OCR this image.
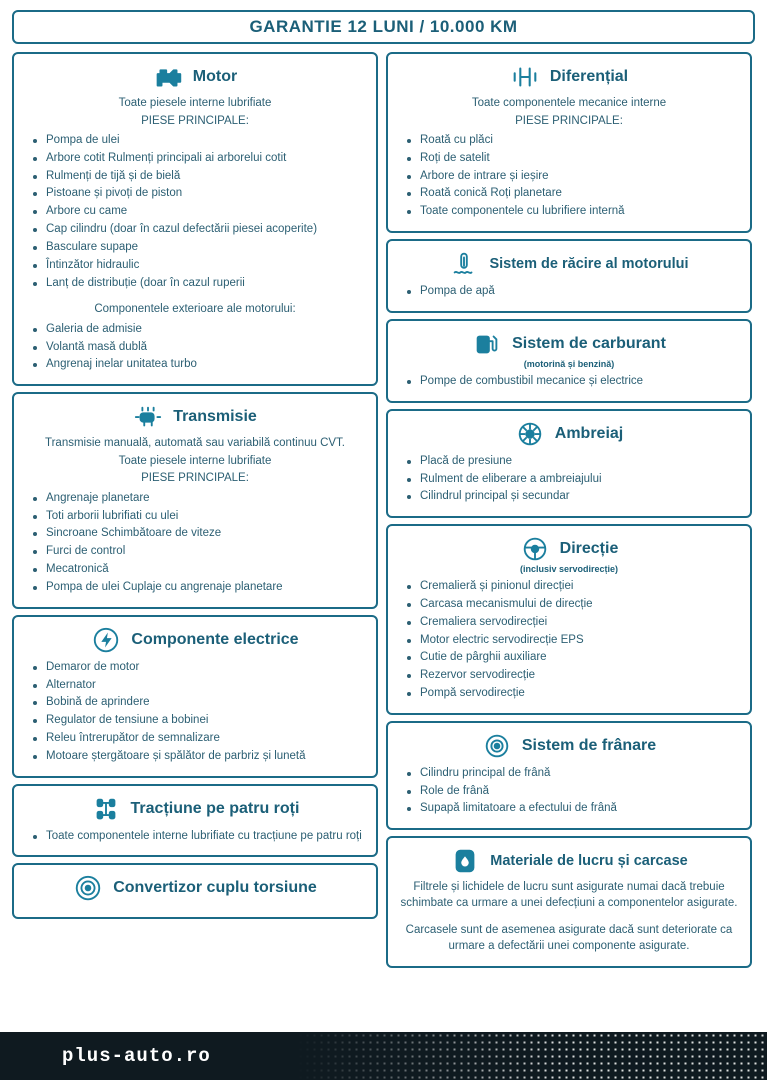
GARANTIE 12 LUNI / 10.000 KM
Motor
Toate piesele interne lubrifiate
PIESE PRINCIPALE:
Pompa de ulei
Arbore cotit Rulmenți principali ai arborelui cotit
Rulmenți de tijă și de bielă
Pistoane și pivoți de piston
Arbore cu came
Cap cilindru (doar în cazul defectării piesei acoperite)
Basculare supape
Întinzător hidraulic
Lanț de distribuție (doar în cazul ruperii
Componentele exterioare ale motorului:
Galeria de admisie
Volantă masă dublă
Angrenaj inelar unitatea turbo
Transmisie
Transmisie manuală, automată sau variabilă continuu CVT.
Toate piesele interne lubrifiate
PIESE PRINCIPALE:
Angrenaje planetare
Toti arborii lubrifiati cu ulei
Sincroane Schimbătoare de viteze
Furci de control
Mecatronică
Pompa de ulei Cuplaje cu angrenaje planetare
Componente electrice
Demaror de motor
Alternator
Bobină de aprindere
Regulator de tensiune a bobinei
Releu întrerupător de semnalizare
Motoare ștergătoare și spălător de parbriz și lunetă
Tracțiune pe patru roți
Toate componentele interne lubrifiate cu tracțiune pe patru roți
Convertizor cuplu torsiune
Diferențial
Toate componentele mecanice interne
PIESE PRINCIPALE:
Roată cu plăci
Roți de satelit
Arbore de intrare și ieșire
Roată conică Roți planetare
Toate componentele cu lubrifiere internă
Sistem de răcire al motorului
Pompa de apă
Sistem de carburant
(motorină și benzină)
Pompe de combustibil mecanice și electrice
Ambreiaj
Placă de presiune
Rulment de eliberare a ambreiajului
Cilindrul principal și secundar
Direcție
(inclusiv servodirecție)
Cremalieră și pinionul direcției
Carcasa mecanismului de direcție
Cremaliera servodirecției
Motor electric servodirecție EPS
Cutie de pârghii auxiliare
Rezervor servodirecție
Pompă servodirecție
Sistem de frânare
Cilindru principal de frână
Role de frână
Supapă limitatoare a efectului de frână
Materiale de lucru și carcase
Filtrele și lichidele de lucru sunt asigurate numai dacă trebuie schimbate ca urmare a unei defecțiuni a componentelor asigurate.
Carcasele sunt de asemenea asigurate dacă sunt deteriorate ca urmare a defectării unei componente asigurate.
plus-auto.ro
